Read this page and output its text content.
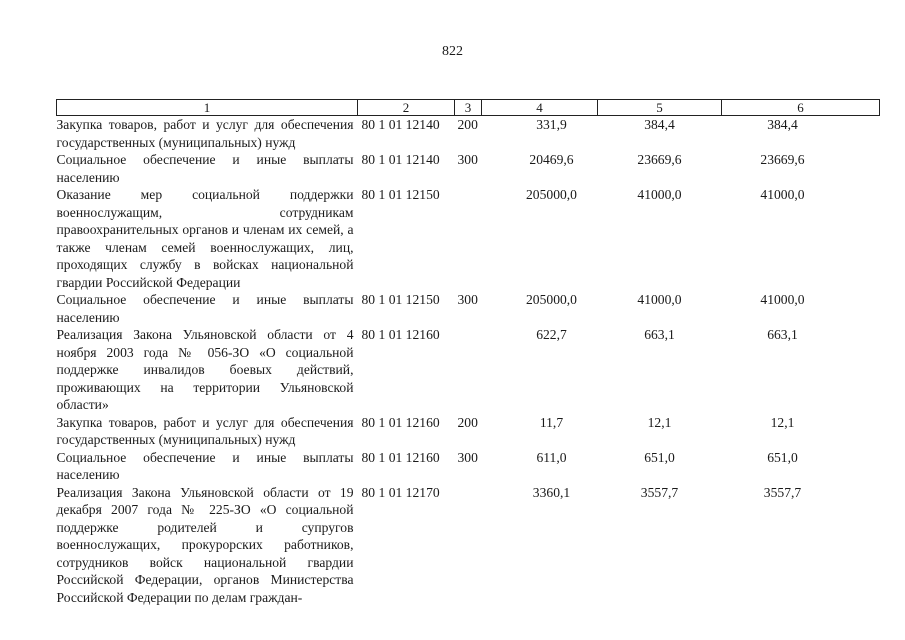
822
1	2	3	4	5	6
Закупка товаров, работ и услуг для обеспечения государственных (муниципальных) нужд	80 1 01 12140	200	331,9	384,4	384,4
Социальное обеспечение и иные выплаты населению	80 1 01 12140	300	20469,6	23669,6	23669,6
Оказание мер социальной поддержки военнослужащим, сотрудникам правоохранительных органов и членам их семей, а также членам семей военнослужащих, лиц, проходящих службу в войсках национальной гвардии Российской Федерации	80 1 01 12150		205000,0	41000,0	41000,0
Социальное обеспечение и иные выплаты населению	80 1 01 12150	300	205000,0	41000,0	41000,0
Реализация Закона Ульяновской области от 4 ноября 2003 года № 056-ЗО «О социальной поддержке инвалидов боевых действий, проживающих на территории Ульяновской области»	80 1 01 12160		622,7	663,1	663,1
Закупка товаров, работ и услуг для обеспечения государственных (муниципальных) нужд	80 1 01 12160	200	11,7	12,1	12,1
Социальное обеспечение и иные выплаты населению	80 1 01 12160	300	611,0	651,0	651,0
Реализация Закона Ульяновской области от 19 декабря 2007 года № 225-ЗО «О социальной поддержке родителей и супругов военнослужащих, прокурорских работников, сотрудников войск национальной гвардии Российской Федерации, органов Министерства Российской Федерации по делам граждан-	80 1 01 12170		3360,1	3557,7	3557,7
